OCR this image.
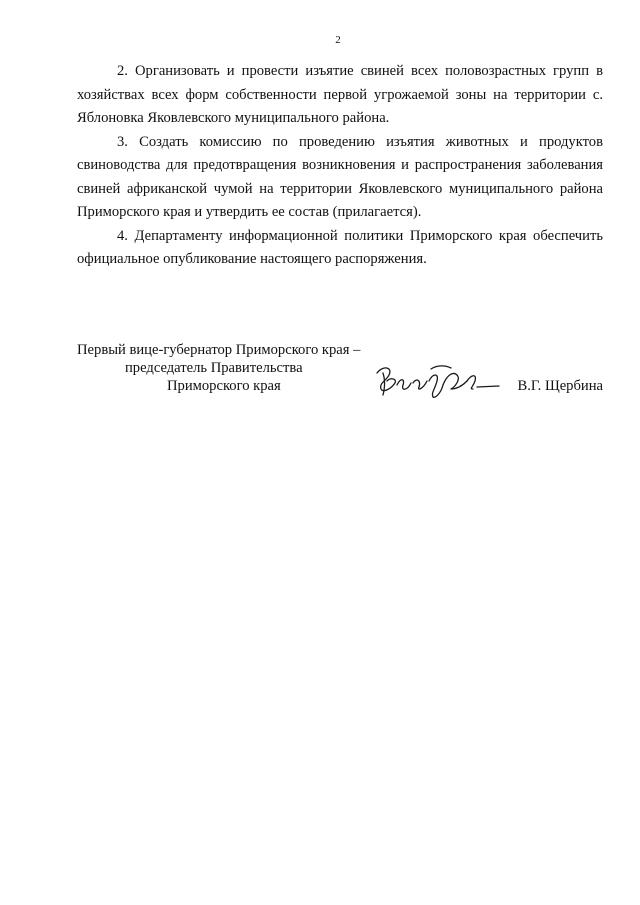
2

2. Организовать и провести изъятие свиней всех половозрастных групп в хозяйствах всех форм собственности первой угрожаемой зоны на территории с. Яблоновка Яковлевского муниципального района.

3. Создать комиссию по проведению изъятия животных и продуктов свиноводства для предотвращения возникновения и распространения заболевания свиней африканской чумой на территории Яковлевского муниципального района Приморского края и утвердить ее состав (прилагается).

4. Департаменту информационной политики Приморского края обеспечить официальное опубликование настоящего распоряжения.

Первый вице-губернатор Приморского края –
председатель Правительства
Приморского края	В.Г. Щербина
